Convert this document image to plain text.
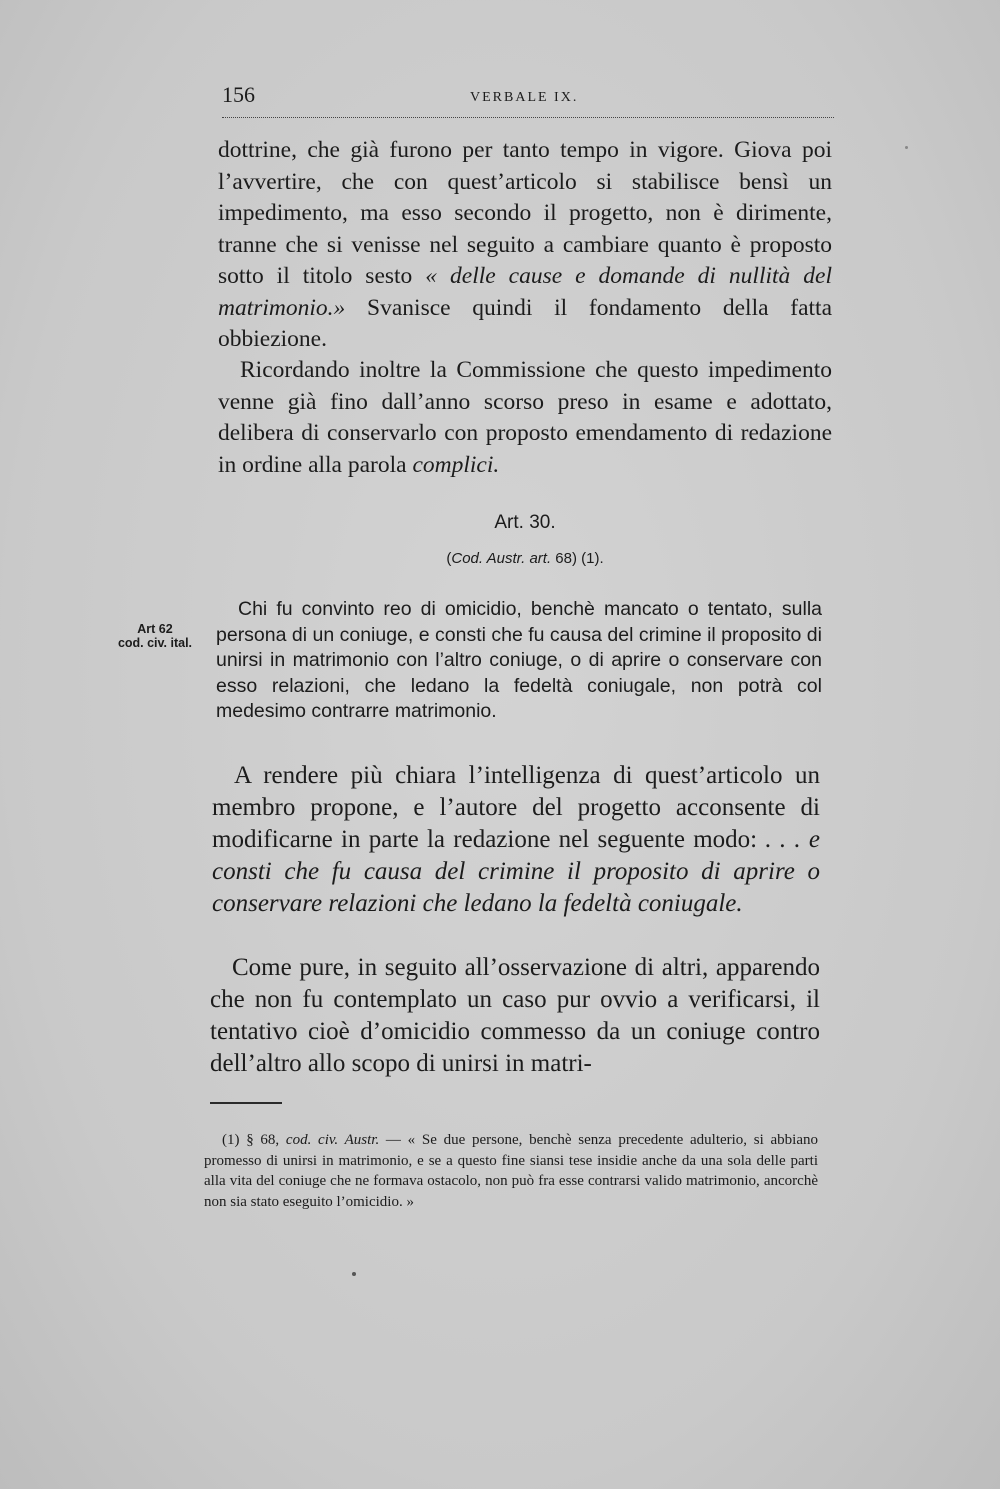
156	VERBALE IX.

dottrine, che già furono per tanto tempo in vigore. Giova poi l’avvertire, che con quest’articolo si stabilisce bensì un impedimento, ma esso secondo il progetto, non è dirimente, tranne che si venisse nel seguito a cambiare quanto è proposto sotto il titolo sesto « delle cause e domande di nullità del matrimonio.» Svanisce quindi il fondamento della fatta obbiezione.

Ricordando inoltre la Commissione che questo impedimento venne già fino dall’anno scorso preso in esame e adottato, delibera di conservarlo con proposto emendamento di redazione in ordine alla parola complici.

Art. 30.
(Cod. Austr. art. 68) (1).
Art 62
cod. civ. ital.

Chi fu convinto reo di omicidio, benchè mancato o tentato, sulla persona di un coniuge, e consti che fu causa del crimine il proposito di unirsi in matrimonio con l’altro coniuge, o di aprire o conservare con esso relazioni, che ledano la fedeltà coniugale, non potrà col medesimo contrarre matrimonio.

A rendere più chiara l’intelligenza di quest’articolo un membro propone, e l’autore del progetto acconsente di modificarne in parte la redazione nel seguente modo: . . . e consti che fu causa del crimine il proposito di aprire o conservare relazioni che ledano la fedeltà coniugale.

Come pure, in seguito all’osservazione di altri, apparendo che non fu contemplato un caso pur ovvio a verificarsi, il tentativo cioè d’omicidio commesso da un coniuge contro dell’altro allo scopo di unirsi in matri-

(1) § 68, cod. civ. Austr. — « Se due persone, benchè senza precedente adulterio, si abbiano promesso di unirsi in matrimonio, e se a questo fine siansi tese insidie anche da una sola delle parti alla vita del coniuge che ne formava ostacolo, non può fra esse contrarsi valido matrimonio, ancorchè non sia stato eseguito l’omicidio. »
